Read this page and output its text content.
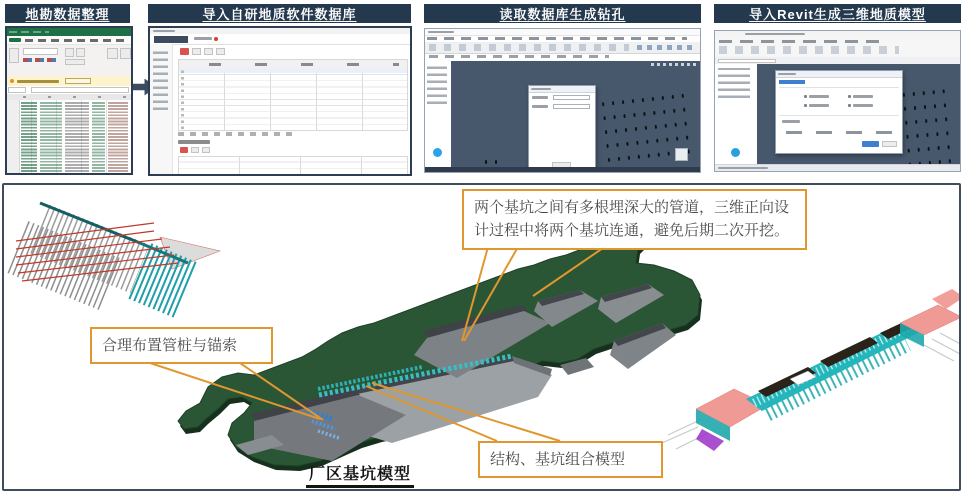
地勘数据整理	导入自研地质软件数据库	读取数据库生成钻孔	导入Revit生成三维地质模型
两个基坑之间有多根埋深大的管道，三维正向设计过程中将两个基坑连通，避免后期二次开挖。
合理布置管桩与锚索
结构、基坑组合模型
厂区基坑模型
